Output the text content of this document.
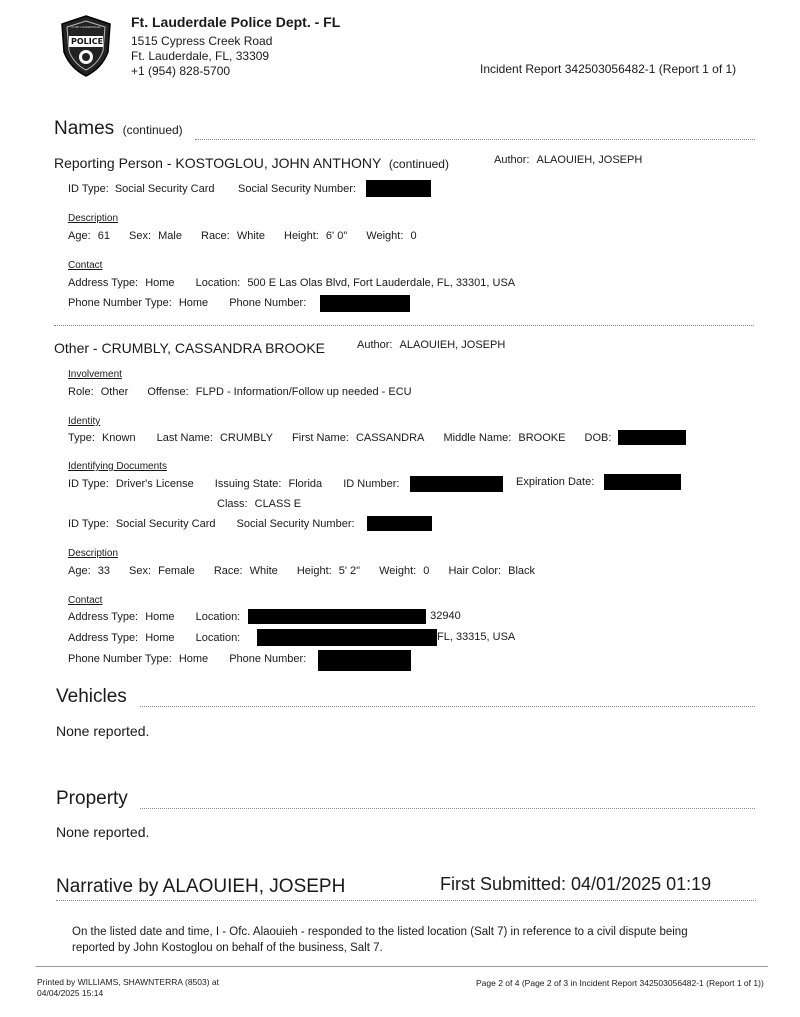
POLICE
FORT LAUDERDALE Ft. Lauderdale Police Dept. - FL
1515 Cypress Creek Road
Ft. Lauderdale, FL, 33309
+1 (954) 828-5700	Incident Report 342503056482-1 (Report 1 of 1)
Names (continued)
Reporting Person - KOSTOGLOU, JOHN ANTHONY (continued)	Author: ALAOUIEH, JOSEPH
ID Type: Social Security Card Social Security Number:
Description
Age: 61 Sex: Male Race: White Height: 6' 0" Weight: 0
Contact
Address Type: Home Location: 500 E Las Olas Blvd, Fort Lauderdale, FL, 33301, USA
Phone Number Type: Home Phone Number:
Other - CRUMBLY, CASSANDRA BROOKE	Author: ALAOUIEH, JOSEPH
Involvement
Role: Other Offense: FLPD - Information/Follow up needed - ECU
Identity
Type: Known Last Name: CRUMBLY First Name: CASSANDRA Middle Name: BROOKE DOB:
Identifying Documents
ID Type: Driver's License Issuing State: Florida ID Number:	Expiration Date:
Class: CLASS E
ID Type: Social Security Card Social Security Number:
Description
Age: 33 Sex: Female Race: White Height: 5' 2" Weight: 0 Hair Color: Black
Contact
Address Type: Home Location:	, 32940
Address Type: Home Location:	FL, 33315, USA
Phone Number Type: Home Phone Number:
Vehicles
None reported.
Property
None reported.
Narrative by ALAOUIEH, JOSEPH	First Submitted: 04/01/2025 01:19
On the listed date and time, I - Ofc. Alaouieh - responded to the listed location (Salt 7) in reference to a civil dispute being
reported by John Kostoglou on behalf of the business, Salt 7.
Printed by WILLIAMS, SHAWNTERRA (8503) at
04/04/2025 15:14
Page 2 of 4 (Page 2 of 3 in Incident Report 342503056482-1 (Report 1 of 1))
